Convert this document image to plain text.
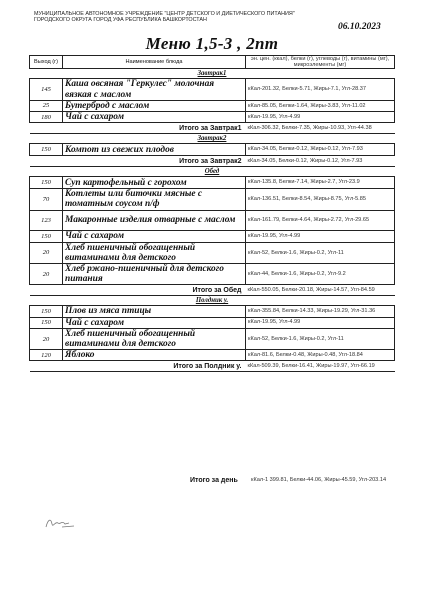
МУНИЦИПАЛЬНОЕ АВТОНОМНОЕ УЧРЕЖДЕНИЕ "ЦЕНТР ДЕТСКОГО И ДИЕТИЧЕСКОГО ПИТАНИЯ" ГОРОДСКОГО ОКРУГА ГОРОД УФА РЕСПУБЛИКА БАШКОРТОСТАН
06.10.2023
Меню 1,5-3 , 2пт
Выход (г)	Наименование блюда	эн. цен. (ккал), белки (г), углеводы (г), витамины (мг), микроэлементы (мг)
Завтрак1		
145	Каша овсяная "Геркулес" молочная вязкая с маслом	кКал-201.32, Белки-5.71, Жиры-7.1, Угл-28.37
25	Бутерброд с маслом	кКал-85.05, Белки-1.64, Жиры-3.83, Угл-11.02
180	Чай с сахаром	кКал-19.95, Угл-4.99
Итого за Завтрак1		кКал-306.32, Белки-7.35, Жиры-10.93, Угл-44.38
Завтрак2		
150	Компот из свежих плодов	кКал-34.05, Белки-0.12, Жиры-0.12, Угл-7.93
Итого за Завтрак2		кКал-34.05, Белки-0.12, Жиры-0.12, Угл-7.93
Обед		
150	Суп картофельный с горохом	кКал-135.8, Белки-7.14, Жиры-2.7, Угл-23.9
70	Котлеты или биточки мясные с томатным соусом п/ф	кКал-136.51, Белки-8.54, Жиры-8.75, Угл-5.85
123	Макаронные изделия отварные с маслом	кКал-161.79, Белки-4.64, Жиры-2.72, Угл-29.65
150	Чай с сахаром	кКал-19.95, Угл-4.99
20	Хлеб пшеничный обогащенный витаминами для детского	кКал-52, Белки-1.6, Жиры-0.2, Угл-11
20	Хлеб ржано-пшеничный для детского питания	кКал-44, Белки-1.6, Жиры-0.2, Угл-9.2
Итого за Обед		кКал-550.05, Белки-20.18, Жиры-14.57, Угл-84.59
Полдник у.		
150	Плов из мяса птицы	кКал-355.84, Белки-14.33, Жиры-19.29, Угл-31.36
150	Чай с сахаром	кКал-19.95, Угл-4.99
20	Хлеб пшеничный обогащенный витаминами для детского	кКал-52, Белки-1.6, Жиры-0.2, Угл-11
120	Яблоко	кКал-81.6, Белки-0.48, Жиры-0.48, Угл-18.84
Итого за Полдник у.		кКал-509.39, Белки-16.41, Жиры-19.97, Угл-66.19
Итого за день кКал-1 399.81, Белки-44.06, Жиры-45.59, Угл-203.14
